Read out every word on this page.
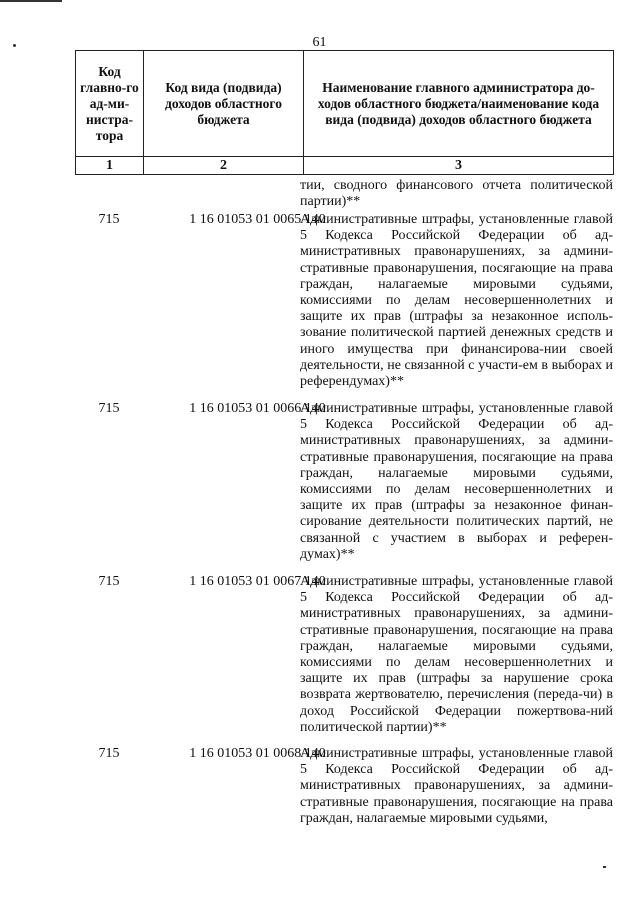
61
Код главно-го ад-ми-нистра-тора	Код вида (подвида) доходов областного бюджета	Наименование главного администратора до-ходов областного бюджета/наименование кода вида (подвида) доходов областного бюджета
1	2	3
тии, сводного финансового отчета политической партии)**
715	1 16 01053 01 0065 140
Административные штрафы, установленные главой 5 Кодекса Российской Федерации об ад-министративных правонарушениях, за админи-стративные правонарушения, посягающие на права граждан, налагаемые мировыми судьями, комиссиями по делам несовершеннолетних и защите их прав (штрафы за незаконное исполь-зование политической партией денежных средств и иного имущества при финансирова-нии своей деятельности, не связанной с участи-ем в выборах и референдумах)**
715	1 16 01053 01 0066 140
Административные штрафы, установленные главой 5 Кодекса Российской Федерации об ад-министративных правонарушениях, за админи-стративные правонарушения, посягающие на права граждан, налагаемые мировыми судьями, комиссиями по делам несовершеннолетних и защите их прав (штрафы за незаконное финан-сирование деятельности политических партий, не связанной с участием в выборах и референ-думах)**
715	1 16 01053 01 0067 140
Административные штрафы, установленные главой 5 Кодекса Российской Федерации об ад-министративных правонарушениях, за админи-стративные правонарушения, посягающие на права граждан, налагаемые мировыми судьями, комиссиями по делам несовершеннолетних и защите их прав (штрафы за нарушение срока возврата жертвователю, перечисления (переда-чи) в доход Российской Федерации пожертвова-ний политической партии)**
715	1 16 01053 01 0068 140
Административные штрафы, установленные главой 5 Кодекса Российской Федерации об ад-министративных правонарушениях, за админи-стративные правонарушения, посягающие на права граждан, налагаемые мировыми судьями,
